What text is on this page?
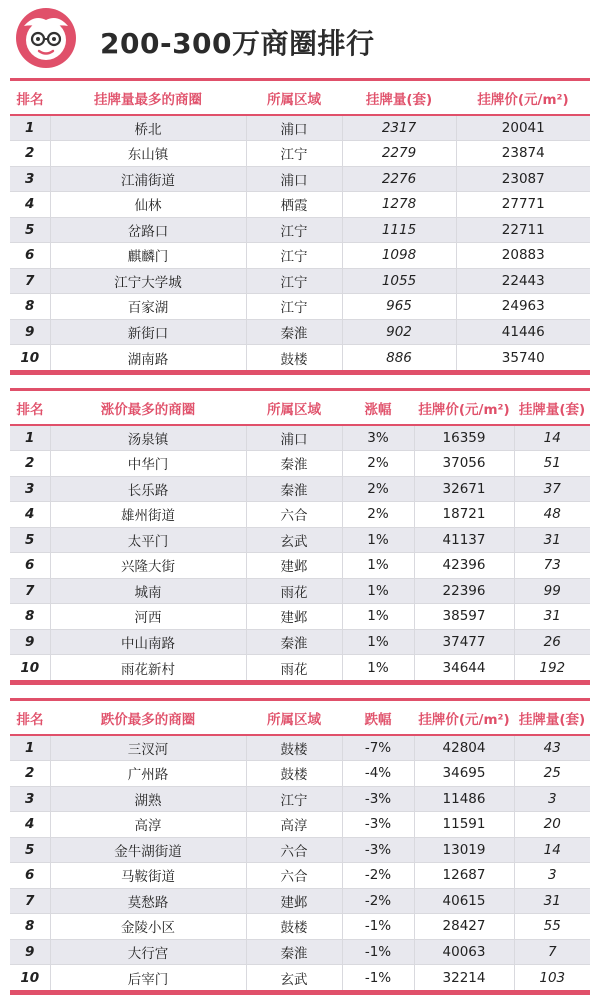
200-300万商圈排行
排名	挂牌量最多的商圈	所属区域	挂牌量(套)	挂牌价(元/m²)
1	桥北	浦口	2317	20041
2	东山镇	江宁	2279	23874
3	江浦街道	浦口	2276	23087
4	仙林	栖霞	1278	27771
5	岔路口	江宁	1115	22711
6	麒麟门	江宁	1098	20883
7	江宁大学城	江宁	1055	22443
8	百家湖	江宁	965	24963
9	新街口	秦淮	902	41446
10	湖南路	鼓楼	886	35740
排名	涨价最多的商圈	所属区域	涨幅	挂牌价(元/m²)	挂牌量(套)
1	汤泉镇	浦口	3%	16359	14
2	中华门	秦淮	2%	37056	51
3	长乐路	秦淮	2%	32671	37
4	雄州街道	六合	2%	18721	48
5	太平门	玄武	1%	41137	31
6	兴隆大街	建邺	1%	42396	73
7	城南	雨花	1%	22396	99
8	河西	建邺	1%	38597	31
9	中山南路	秦淮	1%	37477	26
10	雨花新村	雨花	1%	34644	192
排名	跌价最多的商圈	所属区域	跌幅	挂牌价(元/m²)	挂牌量(套)
1	三汊河	鼓楼	-7%	42804	43
2	广州路	鼓楼	-4%	34695	25
3	湖熟	江宁	-3%	11486	3
4	高淳	高淳	-3%	11591	20
5	金牛湖街道	六合	-3%	13019	14
6	马鞍街道	六合	-2%	12687	3
7	莫愁路	建邺	-2%	40615	31
8	金陵小区	鼓楼	-1%	28427	55
9	大行宫	秦淮	-1%	40063	7
10	后宰门	玄武	-1%	32214	103
